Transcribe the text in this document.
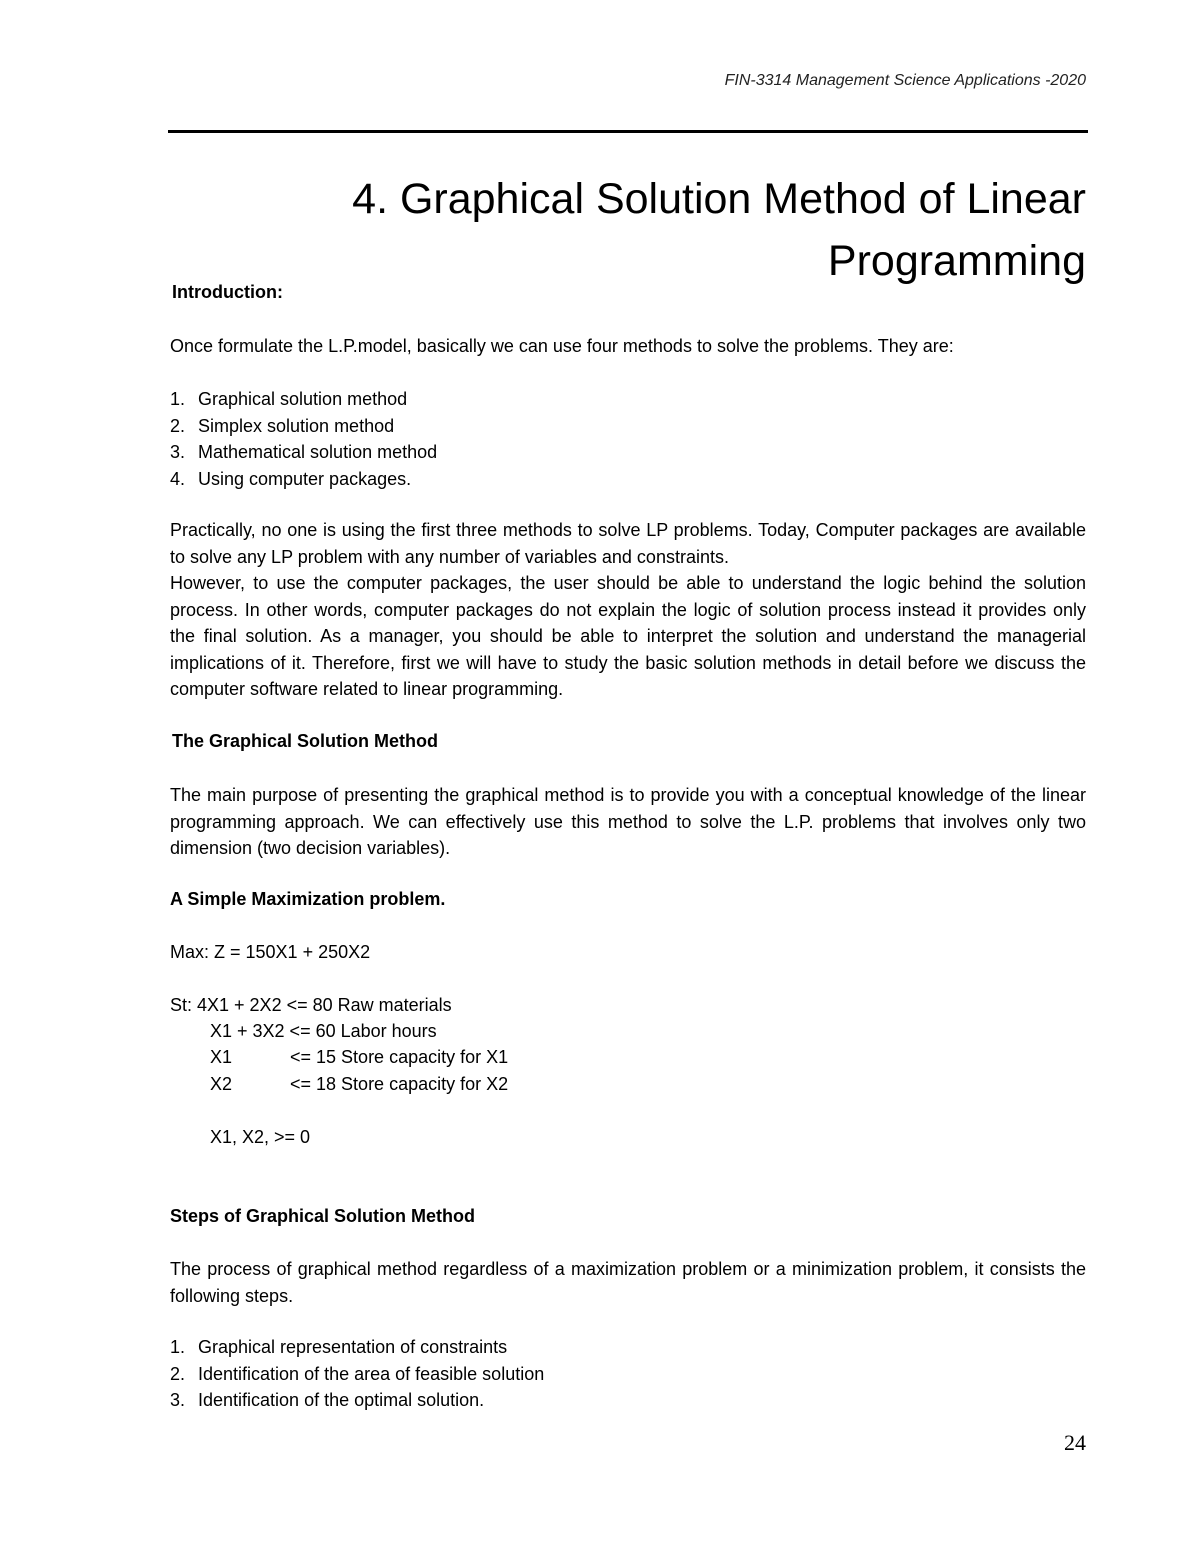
FIN-3314 Management Science Applications -2020
4. Graphical Solution Method of Linear
Programming
Introduction:
Once formulate the L.P.model, basically we can use four methods to solve the problems. They are:
1. Graphical solution method
2. Simplex solution method
3. Mathematical solution method
4. Using computer packages.

Practically, no one is using the first three methods to solve LP problems. Today, Computer packages are available to solve any LP problem with any number of variables and constraints.

However, to use the computer packages, the user should be able to understand the logic behind the solution process. In other words, computer packages do not explain the logic of solution process instead it provides only the final solution. As a manager, you should be able to interpret the solution and understand the managerial implications of it. Therefore, first we will have to study the basic solution methods in detail before we discuss the computer software related to linear programming.

The Graphical Solution Method

The main purpose of presenting the graphical method is to provide you with a conceptual knowledge of the linear programming approach. We can effectively use this method to solve the L.P. problems that involves only two dimension (two decision variables).

A Simple Maximization problem.
Max: Z = 150X1 + 250X2
St: 4X1 + 2X2 <= 80 Raw materials
X1 + 3X2 <= 60 Labor hours
X1	<= 15 Store capacity for X1
X2	<= 18 Store capacity for X2
X1, X2, >= 0
Steps of Graphical Solution Method

The process of graphical method regardless of a maximization problem or a minimization problem, it consists the following steps.

1. Graphical representation of constraints
2. Identification of the area of feasible solution
3. Identification of the optimal solution.
24
